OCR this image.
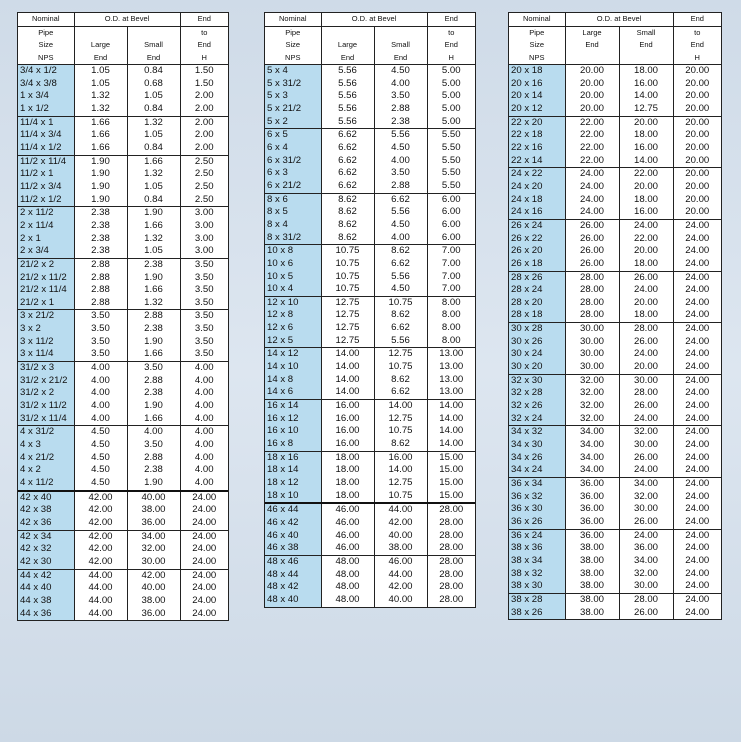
Nominal	O.D. at Bevel		End
Pipe			to
Size	Large	Small	End
NPS	End	End	H
3/4 x 1/2	1.05	0.84	1.50
3/4 x 3/8	1.05	0.68	1.50
1 x 3/4	1.32	1.05	2.00
1 x 1/2	1.32	0.84	2.00
11/4 x 1	1.66	1.32	2.00
11/4 x 3/4	1.66	1.05	2.00
11/4 x 1/2	1.66	0.84	2.00
11/2 x 11/4	1.90	1.66	2.50
11/2 x 1	1.90	1.32	2.50
11/2 x 3/4	1.90	1.05	2.50
11/2 x 1/2	1.90	0.84	2.50
2 x 11/2	2.38	1.90	3.00
2 x 11/4	2.38	1.66	3.00
2 x 1	2.38	1.32	3.00
2 x 3/4	2.38	1.05	3.00
21/2 x 2	2.88	2.38	3.50
21/2 x 11/2	2.88	1.90	3.50
21/2 x 11/4	2.88	1.66	3.50
21/2 x 1	2.88	1.32	3.50
3 x 21/2	3.50	2.88	3.50
3 x 2	3.50	2.38	3.50
3 x 11/2	3.50	1.90	3.50
3 x 11/4	3.50	1.66	3.50
31/2 x 3	4.00	3.50	4.00
31/2 x 21/2	4.00	2.88	4.00
31/2 x 2	4.00	2.38	4.00
31/2 x 11/2	4.00	1.90	4.00
31/2 x 11/4	4.00	1.66	4.00
4 x 31/2	4.50	4.00	4.00
4 x 3	4.50	3.50	4.00
4 x 21/2	4.50	2.88	4.00
4 x 2	4.50	2.38	4.00
4 x 11/2	4.50	1.90	4.00
42 x 40	42.00	40.00	24.00
42 x 38	42.00	38.00	24.00
42 x 36	42.00	36.00	24.00
42 x 34	42.00	34.00	24.00
42 x 32	42.00	32.00	24.00
42 x 30	42.00	30.00	24.00
44 x 42	44.00	42.00	24.00
44 x 40	44.00	40.00	24.00
44 x 38	44.00	38.00	24.00
44 x 36	44.00	36.00	24.00
Nominal	O.D. at Bevel		End
Pipe			to
Size	Large	Small	End
NPS	End	End	H
5 x 4	5.56	4.50	5.00
5 x 31/2	5.56	4.00	5.00
5 x 3	5.56	3.50	5.00
5 x 21/2	5.56	2.88	5.00
5 x 2	5.56	2.38	5.00
6 x 5	6.62	5.56	5.50
6 x 4	6.62	4.50	5.50
6 x 31/2	6.62	4.00	5.50
6 x 3	6.62	3.50	5.50
6 x 21/2	6.62	2.88	5.50
8 x 6	8.62	6.62	6.00
8 x 5	8.62	5.56	6.00
8 x 4	8.62	4.50	6.00
8 x 31/2	8.62	4.00	6.00
10 x 8	10.75	8.62	7.00
10 x 6	10.75	6.62	7.00
10 x 5	10.75	5.56	7.00
10 x 4	10.75	4.50	7.00
12 x 10	12.75	10.75	8.00
12 x 8	12.75	8.62	8.00
12 x 6	12.75	6.62	8.00
12 x 5	12.75	5.56	8.00
14 x 12	14.00	12.75	13.00
14 x 10	14.00	10.75	13.00
14 x 8	14.00	8.62	13.00
14 x 6	14.00	6.62	13.00
16 x 14	16.00	14.00	14.00
16 x 12	16.00	12.75	14.00
16 x 10	16.00	10.75	14.00
16 x 8	16.00	8.62	14.00
18 x 16	18.00	16.00	15.00
18 x 14	18.00	14.00	15.00
18 x 12	18.00	12.75	15.00
18 x 10	18.00	10.75	15.00
46 x 44	46.00	44.00	28.00
46 x 42	46.00	42.00	28.00
46 x 40	46.00	40.00	28.00
46 x 38	46.00	38.00	28.00
48 x 46	48.00	46.00	28.00
48 x 44	48.00	44.00	28.00
48 x 42	48.00	42.00	28.00
48 x 40	48.00	40.00	28.00
Nominal	O.D. at Bevel		End
Pipe	Large	Small	to
Size	End	End	End
NPS			H
20 x 18	20.00	18.00	20.00
20 x 16	20.00	16.00	20.00
20 x 14	20.00	14.00	20.00
20 x 12	20.00	12.75	20.00
22 x 20	22.00	20.00	20.00
22 x 18	22.00	18.00	20.00
22 x 16	22.00	16.00	20.00
22 x 14	22.00	14.00	20.00
24 x 22	24.00	22.00	20.00
24 x 20	24.00	20.00	20.00
24 x 18	24.00	18.00	20.00
24 x 16	24.00	16.00	20.00
26 x 24	26.00	24.00	24.00
26 x 22	26.00	22.00	24.00
26 x 20	26.00	20.00	24.00
26 x 18	26.00	18.00	24.00
28 x 26	28.00	26.00	24.00
28 x 24	28.00	24.00	24.00
28 x 20	28.00	20.00	24.00
28 x 18	28.00	18.00	24.00
30 x 28	30.00	28.00	24.00
30 x 26	30.00	26.00	24.00
30 x 24	30.00	24.00	24.00
30 x 20	30.00	20.00	24.00
32 x 30	32.00	30.00	24.00
32 x 28	32.00	28.00	24.00
32 x 26	32.00	26.00	24.00
32 x 24	32.00	24.00	24.00
34 x 32	34.00	32.00	24.00
34 x 30	34.00	30.00	24.00
34 x 26	34.00	26.00	24.00
34 x 24	34.00	24.00	24.00
36 x 34	36.00	34.00	24.00
36 x 32	36.00	32.00	24.00
36 x 30	36.00	30.00	24.00
36 x 26	36.00	26.00	24.00
36 x 24	36.00	24.00	24.00
38 x 36	38.00	36.00	24.00
38 x 34	38.00	34.00	24.00
38 x 32	38.00	32.00	24.00
38 x 30	38.00	30.00	24.00
38 x 28	38.00	28.00	24.00
38 x 26	38.00	26.00	24.00
